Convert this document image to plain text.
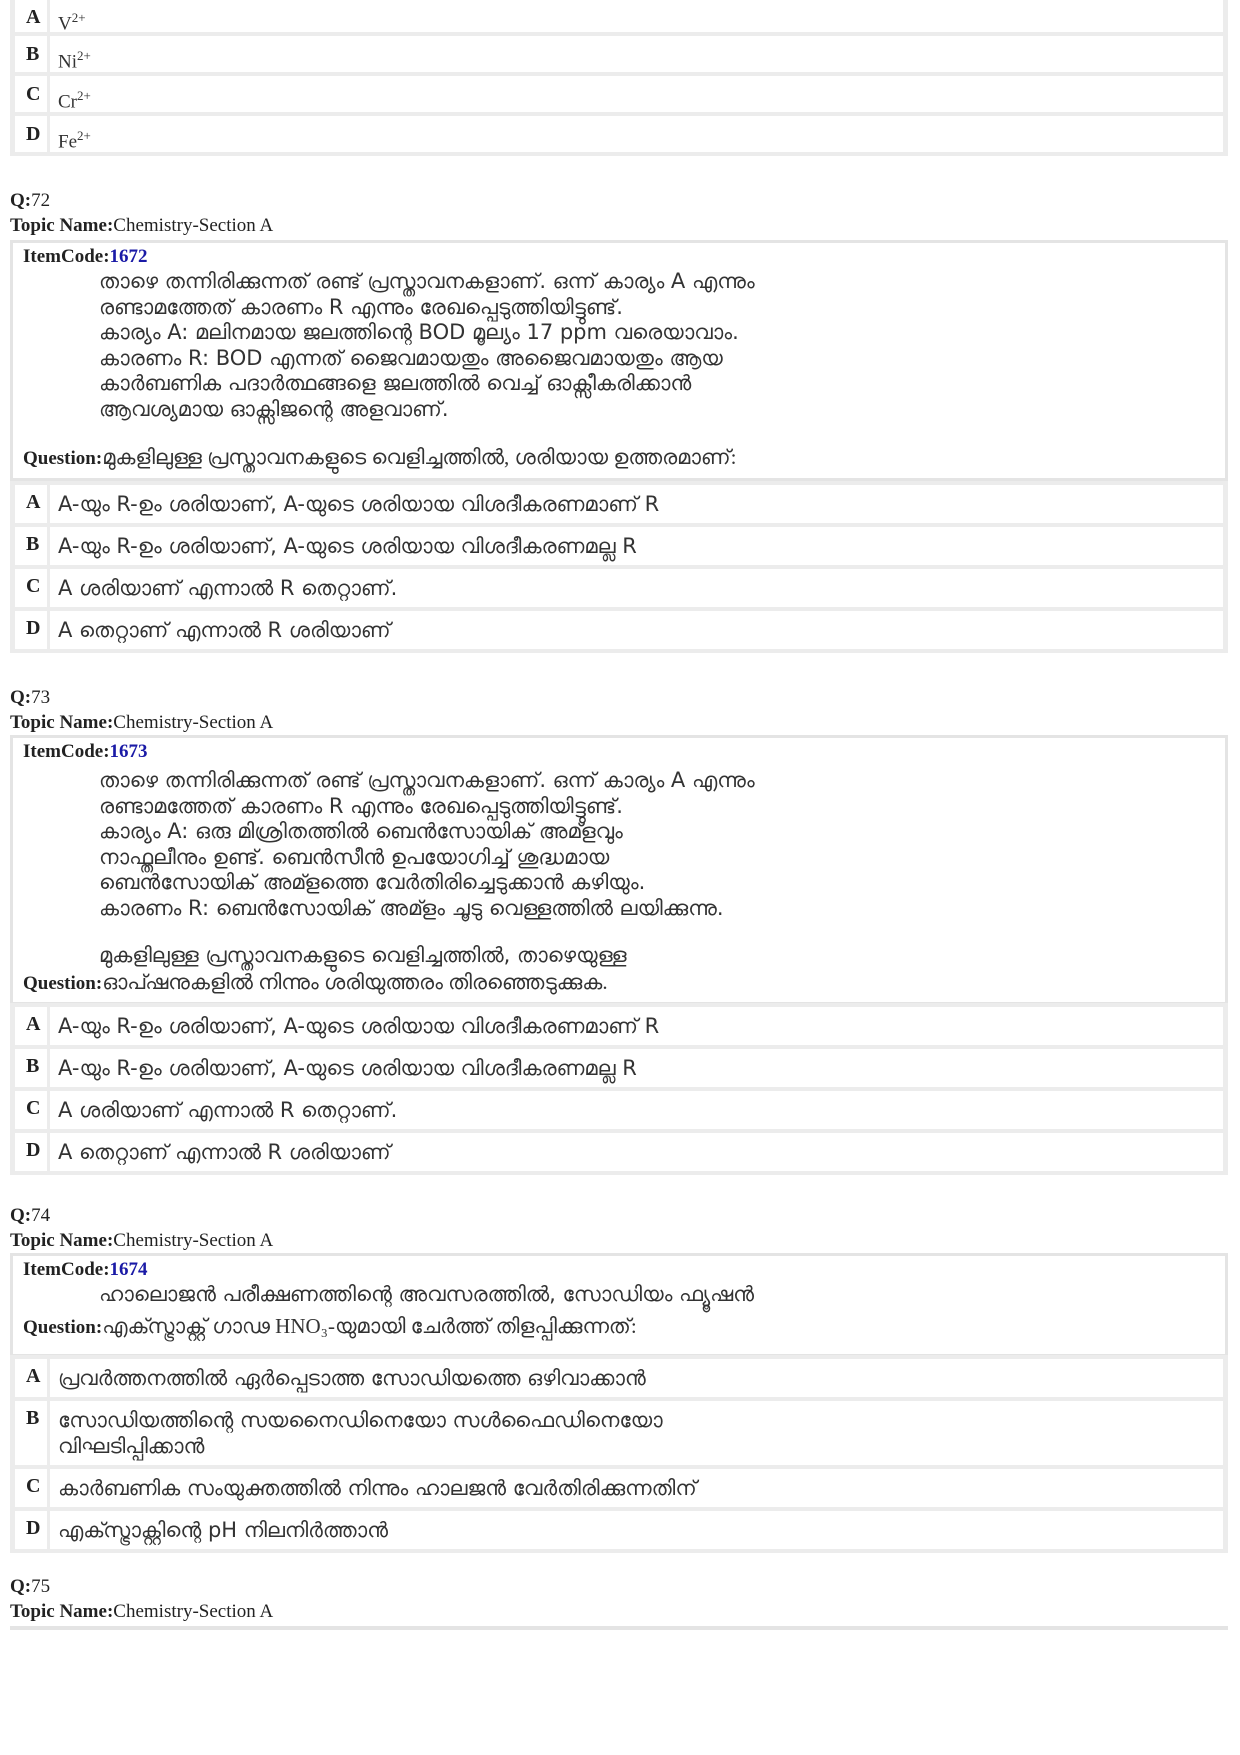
A $V^{2+}$
B $Ni^{2+}$
C $Cr^{2+}$
D $Fe^{2+}$
Q:72
Topic Name:Chemistry-Section A
ItemCode:1672
താഴെ തന്നിരിക്കുന്നത് രണ്ട് പ്രസ്താവനകളാണ്. ഒന്ന് കാര്യം A എന്നും
രണ്ടാമത്തേത് കാരണം R എന്നും രേഖപ്പെടുത്തിയിട്ടുണ്ട്.
കാര്യം A: മലിനമായ ജലത്തിന്റെ BOD മൂല്യം 17 ppm വരെയാവാം.
കാരണം R: BOD എന്നത് ജൈവമായതും അജൈവമായതും ആയ
കാർബണിക പദാർത്ഥങ്ങളെ ജലത്തിൽ വെച്ച് ഓക്സീകരിക്കാൻ
ആവശ്യമായ ഓക്സിജന്റെ അളവാണ്.
Question:മുകളിലുള്ള പ്രസ്താവനകളുടെ വെളിച്ചത്തിൽ, ശരിയായ ഉത്തരമാണ്:
A A-യും R-ഉം ശരിയാണ്, A-യുടെ ശരിയായ വിശദീകരണമാണ് R
B A-യും R-ഉം ശരിയാണ്, A-യുടെ ശരിയായ വിശദീകരണമല്ല R
C A ശരിയാണ് എന്നാൽ R തെറ്റാണ്.
D A തെറ്റാണ് എന്നാൽ R ശരിയാണ്
Q:73
Topic Name:Chemistry-Section A
ItemCode:1673
താഴെ തന്നിരിക്കുന്നത് രണ്ട് പ്രസ്താവനകളാണ്. ഒന്ന് കാര്യം A എന്നും
രണ്ടാമത്തേത് കാരണം R എന്നും രേഖപ്പെടുത്തിയിട്ടുണ്ട്.
കാര്യം A: ഒരു മിശ്രിതത്തിൽ ബെൻസോയിക് അമ്ളവും
നാഫ്തലീനും ഉണ്ട്. ബെൻസീൻ ഉപയോഗിച്ച് ശുദ്ധമായ
ബെൻസോയിക് അമ്ളത്തെ വേർതിരിച്ചെടുക്കാൻ കഴിയും.
കാരണം R: ബെൻസോയിക് അമ്ളം ചൂടു വെള്ളത്തിൽ ലയിക്കുന്നു.
മുകളിലുള്ള പ്രസ്താവനകളുടെ വെളിച്ചത്തിൽ, താഴെയുള്ള
Question:ഓപ്ഷനുകളിൽ നിന്നും ശരിയുത്തരം തിരഞ്ഞെടുക്കുക.
A A-യും R-ഉം ശരിയാണ്, A-യുടെ ശരിയായ വിശദീകരണമാണ് R
B A-യും R-ഉം ശരിയാണ്, A-യുടെ ശരിയായ വിശദീകരണമല്ല R
C A ശരിയാണ് എന്നാൽ R തെറ്റാണ്.
D A തെറ്റാണ് എന്നാൽ R ശരിയാണ്
Q:74
Topic Name:Chemistry-Section A
ItemCode:1674
ഹാലൊജൻ പരീക്ഷണത്തിന്റെ അവസരത്തിൽ, സോഡിയം ഫ്യൂഷൻ
Question:എക്സ്ട്രാക്റ്റ് ഗാഢ HNO₃-യുമായി ചേർത്ത് തിളപ്പിക്കുന്നത്:
A പ്രവർത്തനത്തിൽ ഏർപ്പെടാത്ത സോഡിയത്തെ ഒഴിവാക്കാൻ
B സോഡിയത്തിന്റെ സയനൈഡിനെയോ സൾഫൈഡിനെയോ
വിഘടിപ്പിക്കാൻ
C കാർബണിക സംയുക്തത്തിൽ നിന്നും ഹാലജൻ വേർതിരിക്കുന്നതിന്
D എക്സ്ട്രാക്റ്റിന്റെ pH നിലനിർത്താൻ
Q:75
Topic Name:Chemistry-Section A
